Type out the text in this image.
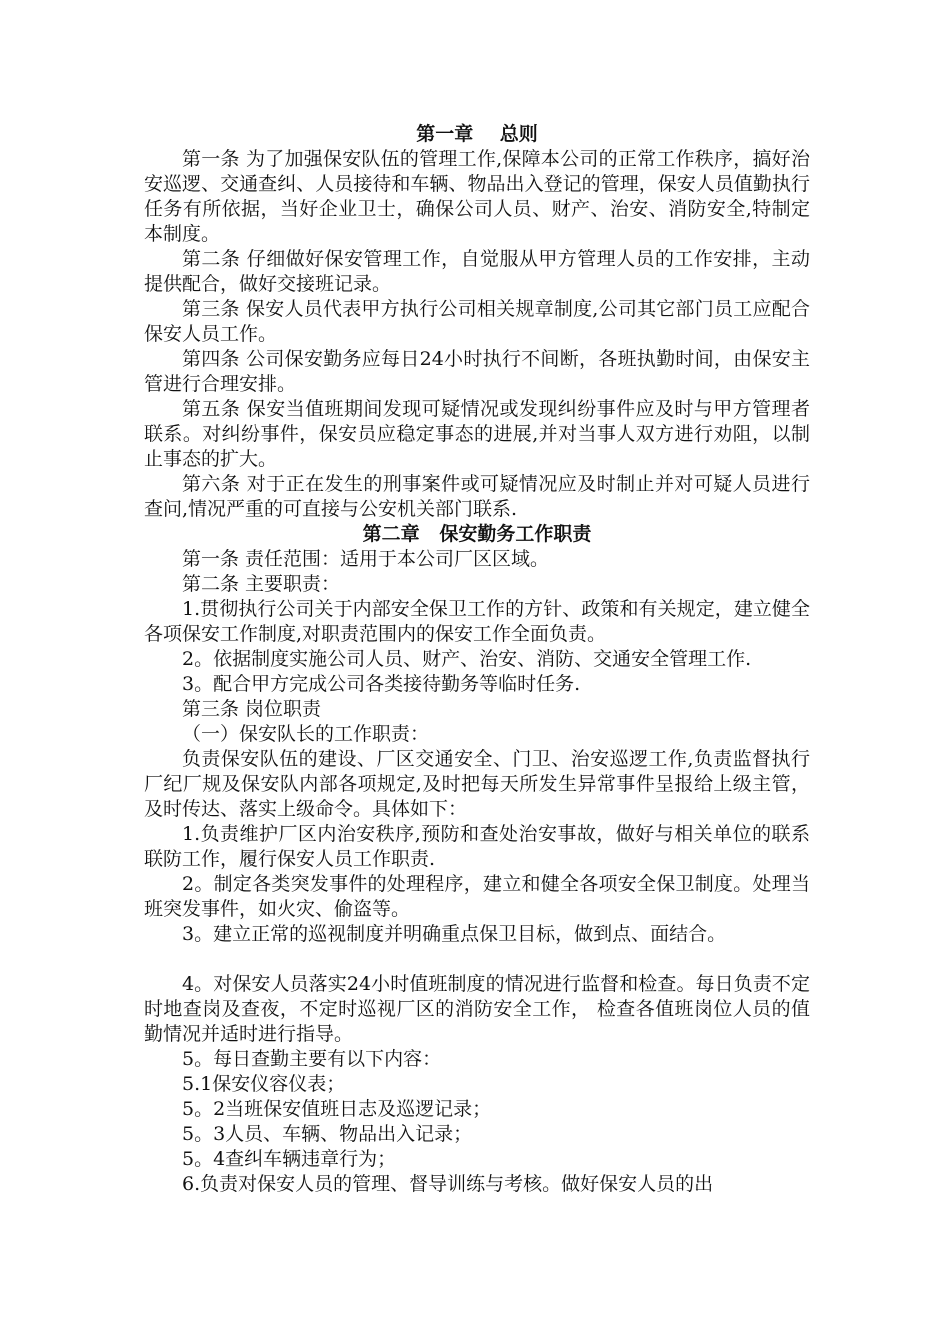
第一章    总则

第一条 为了加强保安队伍的管理工作,保障本公司的正常工作秩序，搞好治安巡逻、交通查纠、人员接待和车辆、物品出入登记的管理，保安人员值勤执行任务有所依据，当好企业卫士，确保公司人员、财产、治安、消防安全,特制定本制度。

第二条 仔细做好保安管理工作，自觉服从甲方管理人员的工作安排，主动提供配合，做好交接班记录。

第三条 保安人员代表甲方执行公司相关规章制度,公司其它部门员工应配合保安人员工作。

第四条 公司保安勤务应每日24小时执行不间断，各班执勤时间，由保安主管进行合理安排。

第五条 保安当值班期间发现可疑情况或发现纠纷事件应及时与甲方管理者联系。对纠纷事件，保安员应稳定事态的进展,并对当事人双方进行劝阻，以制止事态的扩大。

第六条 对于正在发生的刑事案件或可疑情况应及时制止并对可疑人员进行查问,情况严重的可直接与公安机关部门联系.

第二章   保安勤务工作职责

第一条 责任范围：适用于本公司厂区区域。

第二条 主要职责：

1.贯彻执行公司关于内部安全保卫工作的方针、政策和有关规定，建立健全各项保安工作制度,对职责范围内的保安工作全面负责。

2。依据制度实施公司人员、财产、治安、消防、交通安全管理工作.

3。配合甲方完成公司各类接待勤务等临时任务.

第三条 岗位职责

（一）保安队长的工作职责：

负责保安队伍的建设、厂区交通安全、门卫、治安巡逻工作,负责监督执行厂纪厂规及保安队内部各项规定,及时把每天所发生异常事件呈报给上级主管，及时传达、落实上级命令。具体如下：

1.负责维护厂区内治安秩序,预防和查处治安事故，做好与相关单位的联系联防工作，履行保安人员工作职责.

2。制定各类突发事件的处理程序，建立和健全各项安全保卫制度。处理当班突发事件，如火灾、偷盗等。

3。建立正常的巡视制度并明确重点保卫目标，做到点、面结合。

4。对保安人员落实24小时值班制度的情况进行监督和检查。每日负责不定时地查岗及查夜，不定时巡视厂区的消防安全工作， 检查各值班岗位人员的值勤情况并适时进行指导。

5。每日查勤主要有以下内容：

5.1保安仪容仪表；

5。2当班保安值班日志及巡逻记录；

5。3人员、车辆、物品出入记录；

5。4查纠车辆违章行为；

6.负责对保安人员的管理、督导训练与考核。做好保安人员的出
